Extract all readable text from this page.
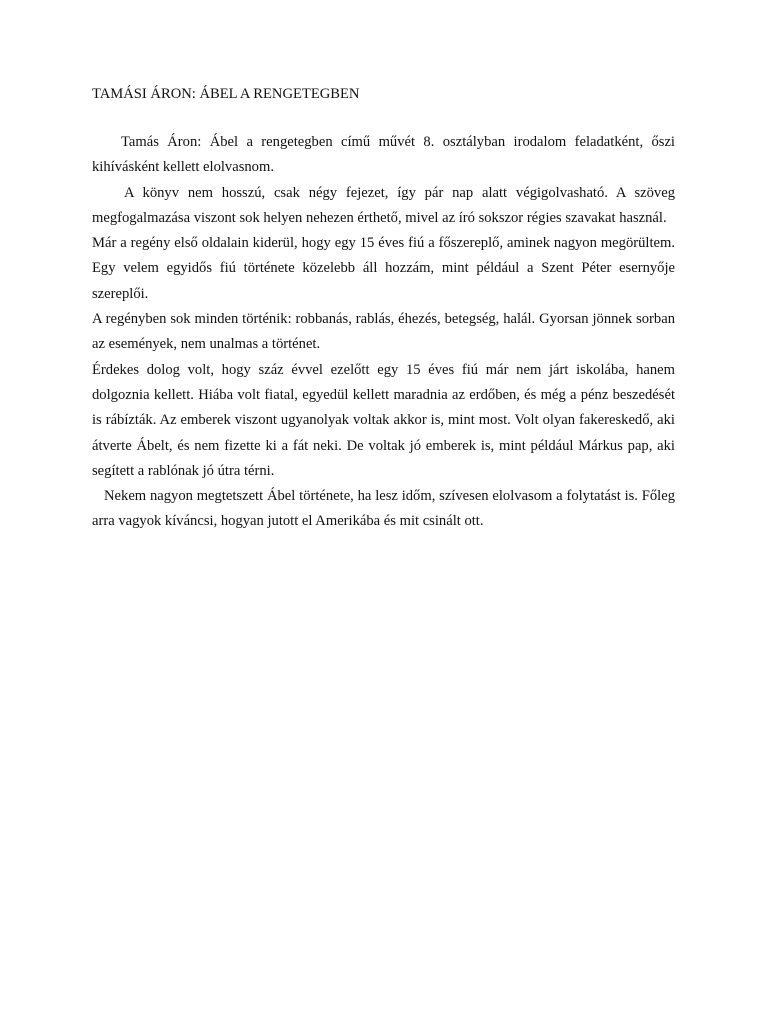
TAMÁSI ÁRON: ÁBEL A RENGETEGBEN

Tamás Áron: Ábel a rengetegben című művét 8. osztályban irodalom feladatként, őszi kihívásként kellett elolvasnom.

A könyv nem hosszú, csak négy fejezet, így pár nap alatt végigolvasható. A szöveg megfogalmazása viszont sok helyen nehezen érthető, mivel az író sokszor régies szavakat használ.

Már a regény első oldalain kiderül, hogy egy 15 éves fiú a főszereplő, aminek nagyon megörültem. Egy velem egyidős fiú története közelebb áll hozzám, mint például a Szent Péter esernyője szereplői.

A regényben sok minden történik: robbanás, rablás, éhezés, betegség, halál. Gyorsan jönnek sorban az események, nem unalmas a történet.

Érdekes dolog volt, hogy száz évvel ezelőtt egy 15 éves fiú már nem járt iskolába, hanem dolgoznia kellett. Hiába volt fiatal, egyedül kellett maradnia az erdőben, és még a pénz beszedését is rábízták. Az emberek viszont ugyanolyak voltak akkor is, mint most. Volt olyan fakereskedő, aki átverte Ábelt, és nem fizette ki a fát neki. De voltak jó emberek is, mint például Márkus pap, aki segített a rablónak jó útra térni.

Nekem nagyon megtetszett Ábel története, ha lesz időm, szívesen elolvasom a folytatást is. Főleg arra vagyok kíváncsi, hogyan jutott el Amerikába és mit csinált ott.
